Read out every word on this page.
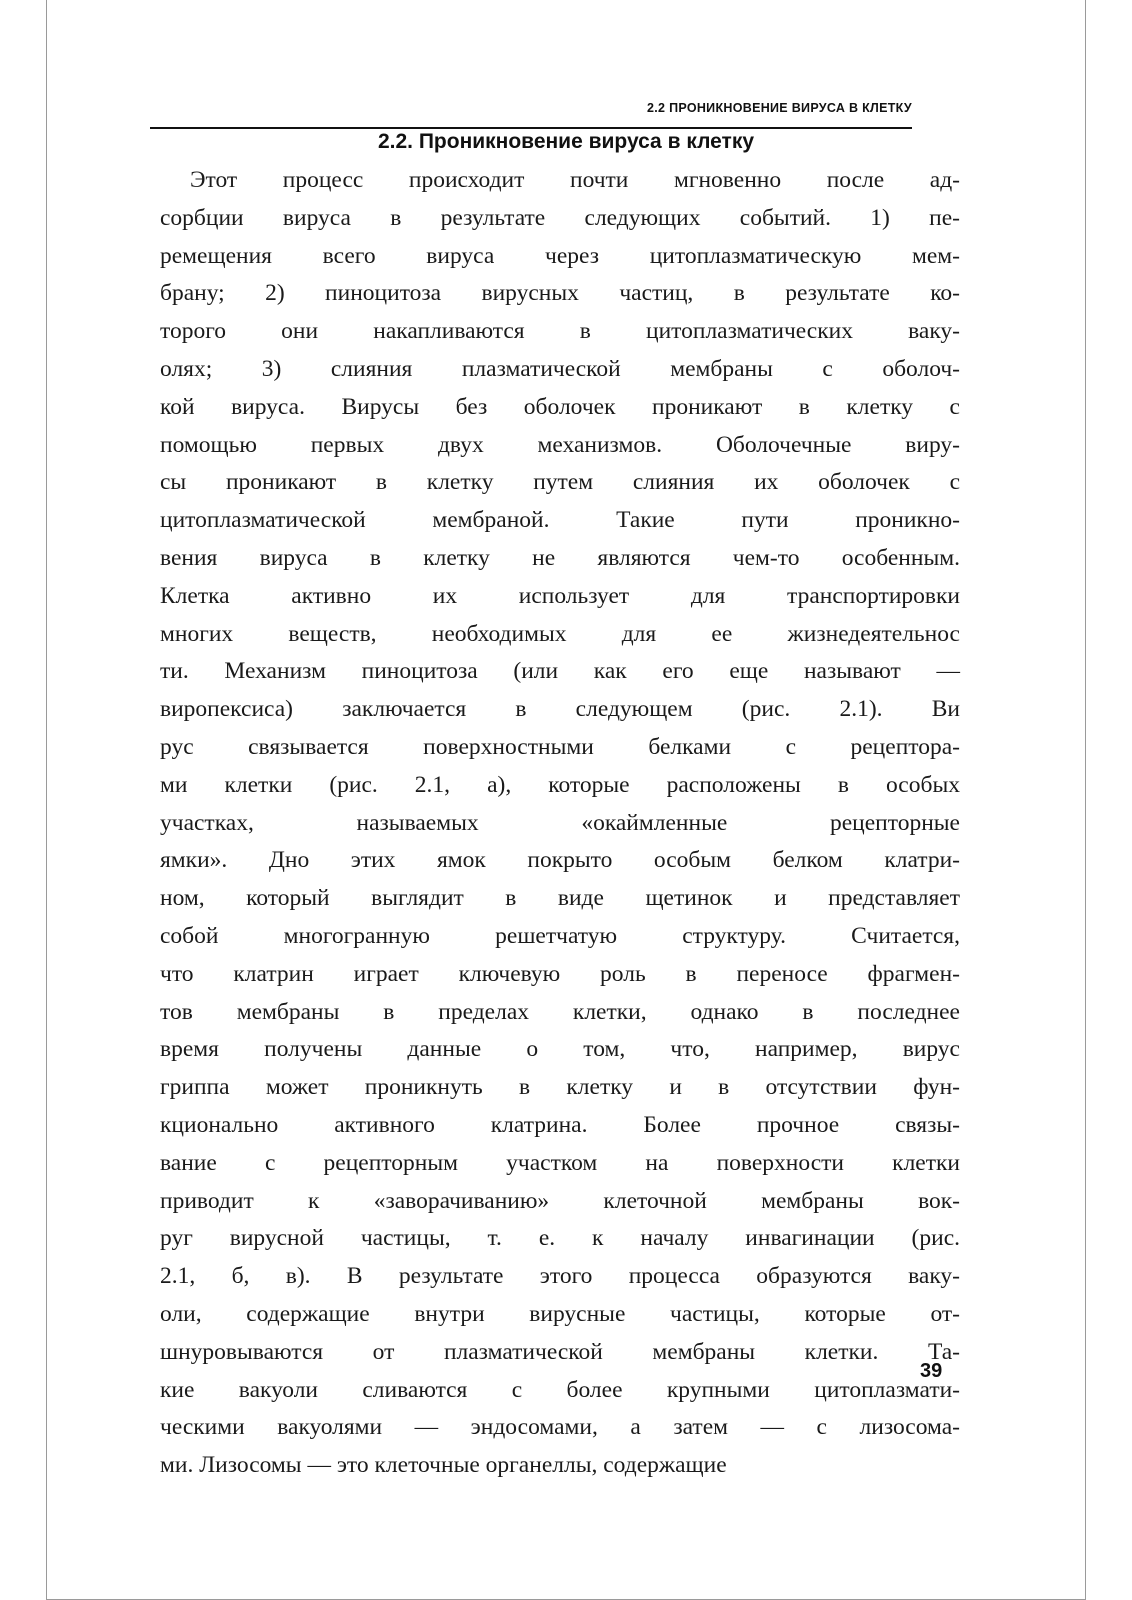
2.2 ПРОНИКНОВЕНИЕ ВИРУСА В КЛЕТКУ
2.2. Проникновение вируса в клетку
Этот процесс происходит почти мгновенно после ад-
сорбции вируса в результате следующих событий. 1) пе-
ремещения всего вируса через цитоплазматическую мем-
брану; 2) пиноцитоза вирусных частиц, в результате ко-
торого они накапливаются в цитоплазматических ваку-
олях; 3) слияния плазматической мембраны с оболоч-
кой вируса. Вирусы без оболочек проникают в клетку с
помощью первых двух механизмов. Оболочечные виру-
сы проникают в клетку путем слияния их оболочек с
цитоплазматической мембраной. Такие пути проникно-
вения вируса в клетку не являются чем-то особенным.
Клетка активно их использует для транспортировки
многих веществ, необходимых для ее жизнедеятельнос
ти. Механизм пиноцитоза (или как его еще называют —
виропексиса) заключается в следующем (рис. 2.1). Ви
рус связывается поверхностными белками с рецептора-
ми клетки (рис. 2.1, а), которые расположены в особых
участках, называемых «окаймленные рецепторные
ямки». Дно этих ямок покрыто особым белком клатри-
ном, который выглядит в виде щетинок и представляет
собой многогранную решетчатую структуру. Считается,
что клатрин играет ключевую роль в переносе фрагмен-
тов мембраны в пределах клетки, однако в последнее
время получены данные о том, что, например, вирус
гриппа может проникнуть в клетку и в отсутствии фун-
кционально активного клатрина. Более прочное связы-
вание с рецепторным участком на поверхности клетки
приводит к «заворачиванию» клеточной мембраны вок-
руг вирусной частицы, т. е. к началу инвагинации (рис.
2.1, б, в). В результате этого процесса образуются ваку-
оли, содержащие внутри вирусные частицы, которые от-
шнуровываются от плазматической мембраны клетки. Та-
кие вакуоли сливаются с более крупными цитоплазмати-
ческими вакуолями — эндосомами, а затем — с лизосома-
ми. Лизосомы — это клеточные органеллы, содержащие
39
